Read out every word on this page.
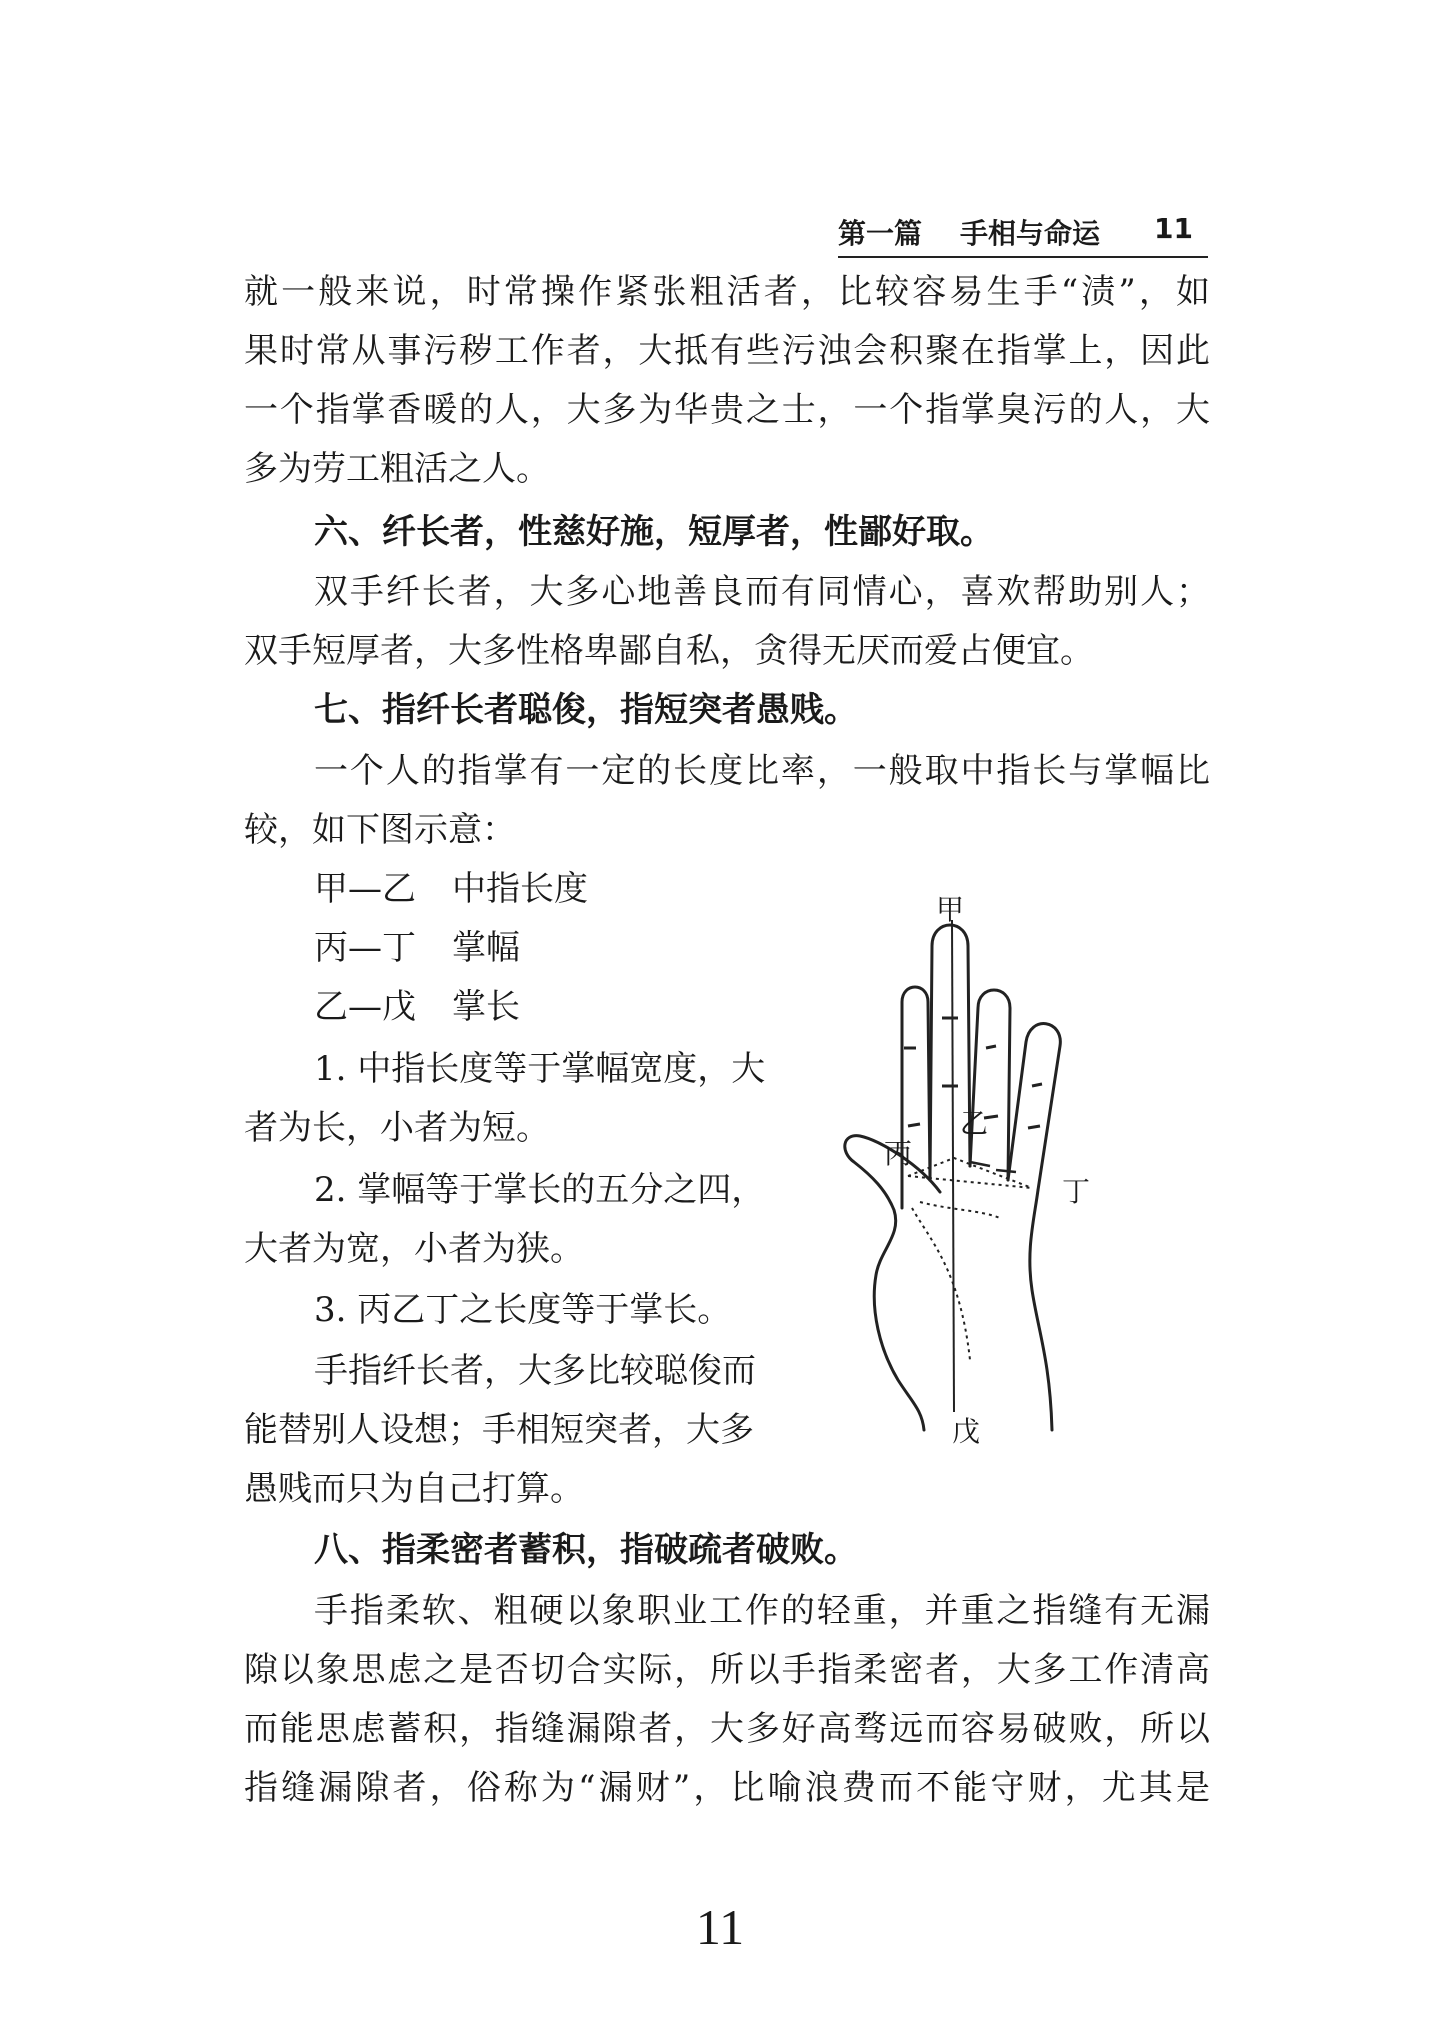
第一篇 手相与命运 11
就一般来说，时常操作紧张粗活者，比较容易生手“渍”，如
果时常从事污秽工作者，大抵有些污浊会积聚在指掌上，因此
一个指掌香暖的人，大多为华贵之士，一个指掌臭污的人，大
多为劳工粗活之人。
六、纤长者，性慈好施，短厚者，性鄙好取。
双手纤长者，大多心地善良而有同情心，喜欢帮助别人；
双手短厚者，大多性格卑鄙自私，贪得无厌而爱占便宜。
七、指纤长者聪俊，指短突者愚贱。
一个人的指掌有一定的长度比率，一般取中指长与掌幅比
较，如下图示意：
甲—乙 中指长度
丙—丁 掌幅
乙—戊 掌长
1. 中指长度等于掌幅宽度，大
者为长，小者为短。
2. 掌幅等于掌长的五分之四，
大者为宽，小者为狭。
3. 丙乙丁之长度等于掌长。
手指纤长者，大多比较聪俊而
能替别人设想；手相短突者，大多
愚贱而只为自己打算。
八、指柔密者蓄积，指破疏者破败。
手指柔软、粗硬以象职业工作的轻重，并重之指缝有无漏
隙以象思虑之是否切合实际，所以手指柔密者，大多工作清高
而能思虑蓄积，指缝漏隙者，大多好高骛远而容易破败，所以
指缝漏隙者，俗称为“漏财”，比喻浪费而不能守财，尤其是
甲
乙
丙
丁
戊
11
